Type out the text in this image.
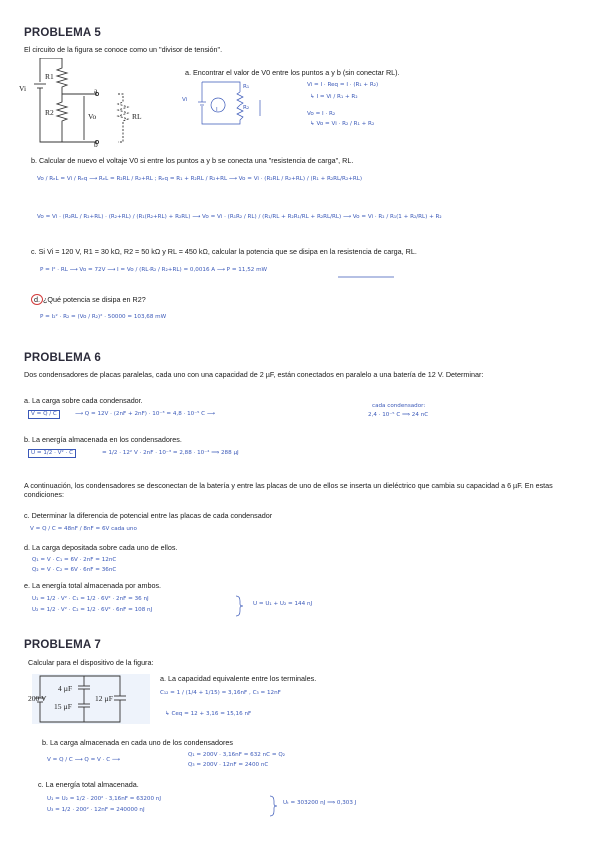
PROBLEMA 5
El circuito de la figura se conoce como un "divisor de tensión".
Vi
R1
R2
a
b
Vo	RL
a. Encontrar el valor de V0 entre los puntos a y b (sin conectar RL).
Vi
R₁
R₂
I
Vi = I · Req = I · (R₁ + R₂)
↳ I = Vi / R₁ + R₂
Vo = I · R₂
↳ Vo = Vi · R₂ / R₁ + R₂
b. Calcular de nuevo el voltaje V0 si entre los puntos a y b se conecta una "resistencia de carga", RL.
Vo / RₑL = Vi / Rₑq ⟶ RₑL = R₂RL / R₂+RL ; Rₑq = R₁ + R₂RL / R₂+RL ⟶ Vo = Vi · (R₂RL / R₂+RL) / (R₁ + R₂RL/R₂+RL)
Vo = Vi · (R₂RL / R₂+RL) · (R₂+RL) / (R₁(R₂+RL) + R₂RL) ⟶ Vo = Vi · (R₁R₂ / RL) / (R₁/RL + R₂R₁/RL + R₂RL/RL) ⟶ Vo = Vi · R₂ / R₁(1 + R₂/RL) + R₂
c. Si Vi = 120 V, R1 = 30 kΩ, R2 = 50 kΩ y RL = 450 kΩ, calcular la potencia que se disipa en la resistencia de carga, RL.
P = I² · RL ⟶ Vo = 72V ⟶ I = Vo / (RL·R₂ / R₂+RL) = 0,0016 A ⟶ P = 11,52 mW
d. ¿Qué potencia se disipa en R2?
P = I₂² · R₂ = (Vo / R₂)² · 50000 = 103,68 mW
PROBLEMA 6
Dos condensadores de placas paralelas, cada uno con una capacidad de 2 µF, están conectados en paralelo a una batería de 12 V. Determinar:
a. La carga sobre cada condensador.
V = Q / C	⟶ Q = 12V · (2nF + 2nF) · 10⁻³ = 4,8 · 10⁻⁵ C ⟶
cada condensador:
2,4 · 10⁻⁵ C ⟹ 24 nC
b. La energía almacenada en los condensadores.
U = 1/2 · V² · C	= 1/2 · 12² V · 2nF · 10⁻³ = 2,88 · 10⁻⁴ ⟹ 288 µJ
A continuación, los condensadores se desconectan de la batería y entre las placas de uno de ellos se inserta un dieléctrico que cambia su capacidad a 6 µF. En estas condiciones:
c. Determinar la diferencia de potencial entre las placas de cada condensador
V = Q / C = 48nF / 8nF = 6V cada uno
d. La carga depositada sobre cada uno de ellos.
Q₁ = V · C₁ = 6V · 2nF = 12nC
Q₂ = V · C₂ = 6V · 6nF = 36nC
e. La energía total almacenada por ambos.
U₁ = 1/2 · V² · C₁ = 1/2 · 6V² · 2nF = 36 nJ
U₂ = 1/2 · V² · C₂ = 1/2 · 6V² · 6nF = 108 nJ
U = U₁ + U₂ = 144 nJ
PROBLEMA 7
Calcular para el dispositivo de la figura:
4 µF
15 µF
12 µF
200 V
a. La capacidad equivalente entre los terminales.
C₁₂ = 1 / (1/4 + 1/15) = 3,16nF , C₃ = 12nF
↳ Ceq = 12 + 3,16 = 15,16 nF
b. La carga almacenada en cada uno de los condensadores
V = Q / C ⟶ Q = V · C ⟿
Q₁ = 200V · 3,16nF = 632 nC = Q₂
Q₃ = 200V · 12nF = 2400 nC
c. La energía total almacenada.
U₁ = U₂ = 1/2 · 200² · 3,16nF = 63200 nJ
U₃ = 1/2 · 200² · 12nF = 240000 nJ
Uₜ = 303200 nJ ⟹ 0,303 J
